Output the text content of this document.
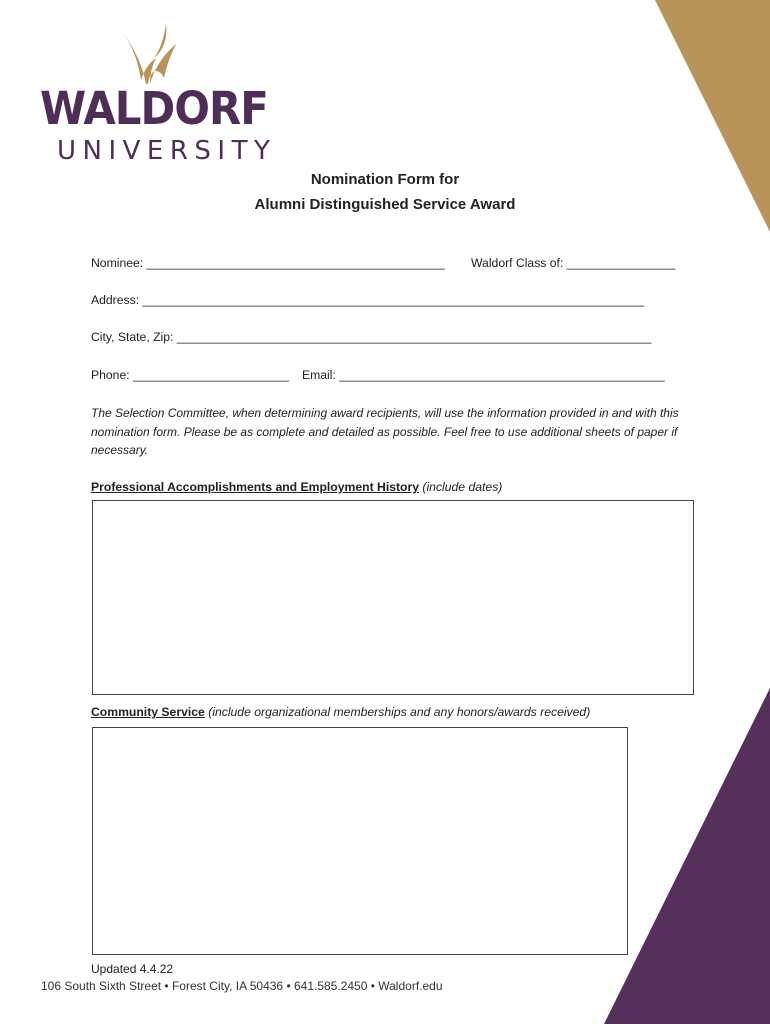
WALDORF
UNIVERSITY
Nomination Form for
Alumni Distinguished Service Award
Nominee: ____________________________________________ Waldorf Class of: ________________
Address: __________________________________________________________________________
City, State, Zip: ______________________________________________________________________
Phone: _______________________ Email: ________________________________________________
The Selection Committee, when determining award recipients, will use the information provided in and with this nomination form. Please be as complete and detailed as possible. Feel free to use additional sheets of paper if necessary.
Professional Accomplishments and Employment History (include dates)
Community Service (include organizational memberships and any honors/awards received)
Updated 4.4.22
106 South Sixth Street • Forest City, IA 50436 • 641.585.2450 • Waldorf.edu
